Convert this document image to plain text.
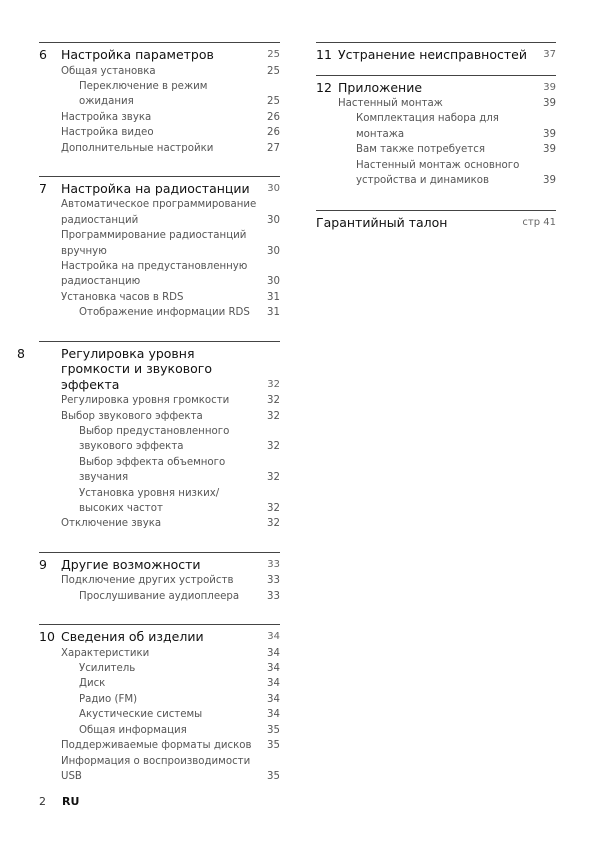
6 Настройка параметров	25
Общая установка	25
Переключение в режим ожидания	25
Настройка звука	26
Настройка видео	26
Дополнительные настройки	27
7 Настройка на радиостанции	30
Автоматическое программирование радиостанций	30
Программирование радиостанций вручную	30
Настройка на предустановленную радиостанцию	30
Установка часов в RDS	31
Отображение информации RDS	31
8	Регулировка уровня громкости и звукового эффекта	32
Регулировка уровня громкости	32
Выбор звукового эффекта	32
Выбор предустановленного звукового эффекта	32
Выбор эффекта объемного звучания	32
Установка уровня низких/ высоких частот	32
Отключение звука	32
9 Другие возможности	33
Подключение других устройств	33
Прослушивание аудиоплеера	33
10 Сведения об изделии	34
Характеристики	34
Усилитель	34
Диск	34
Радио (FM)	34
Акустические системы	34
Общая информация	35
Поддерживаемые форматы дисков	35
Информация о воспроизводимости USB	35
11 Устранение неисправностей	37
12 Приложение	39
Настенный монтаж	39
Комплектация набора для монтажа	39
Вам также потребуется	39
Настенный монтаж основного устройства и динамиков	39
Гарантийный талон	стр 41
2 RU
